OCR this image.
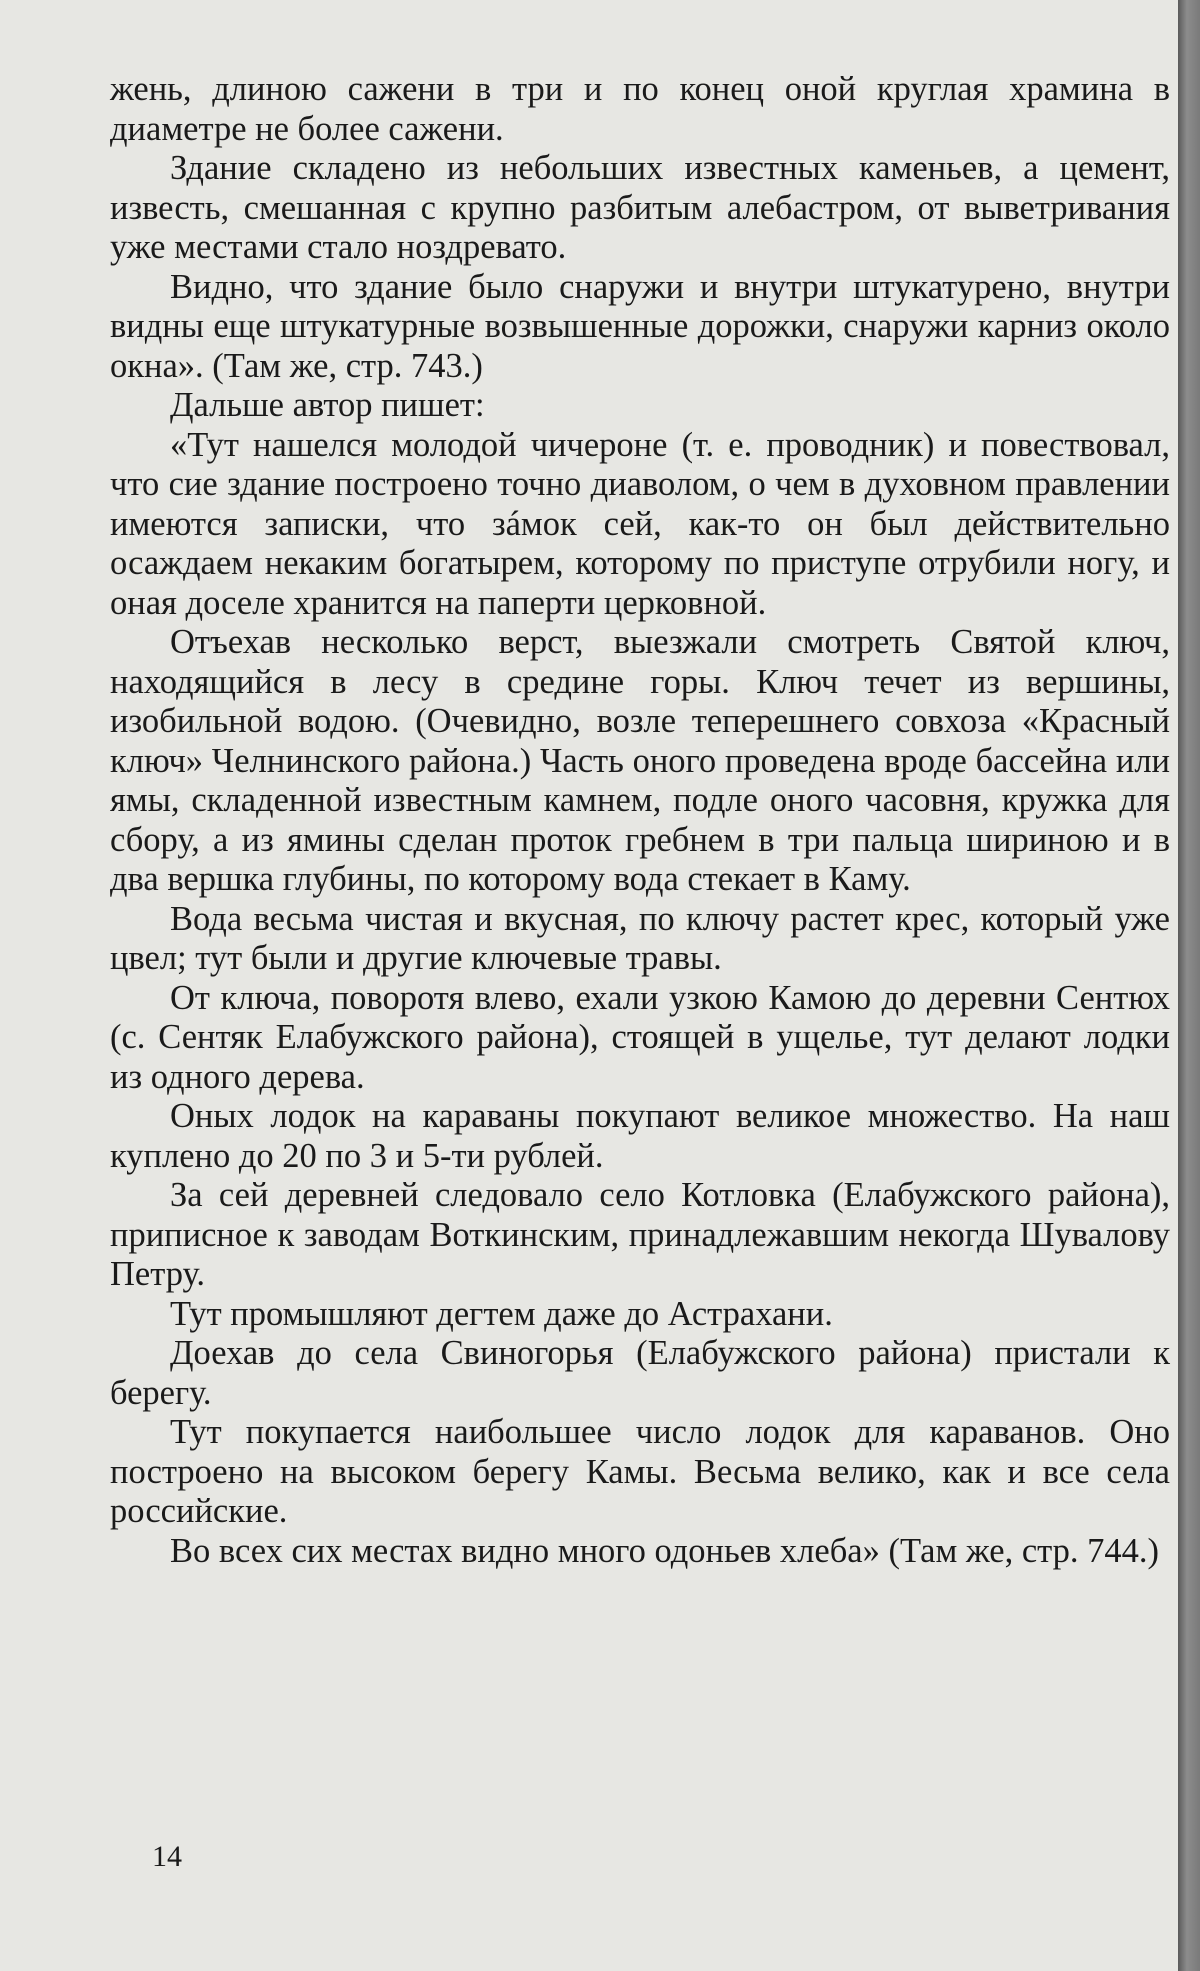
жень, длиною сажени в три и по конец оной круглая храмина в диаметре не более сажени.

Здание складено из небольших известных каменьев, а цемент, известь, смешанная с крупно разбитым алебастром, от выветривания уже местами стало ноздревато.

Видно, что здание было снаружи и внутри штукатурено, внутри видны еще штукатурные возвышенные дорожки, снаружи карниз около окна». (Там же, стр. 743.)

Дальше автор пишет:

«Тут нашелся молодой чичероне (т. е. проводник) и повествовал, что сие здание построено точно диаволом, о чем в духовном правлении имеются записки, что зáмок сей, как-то он был действительно осаждаем некаким богатырем, которому по приступе отрубили ногу, и оная доселе хранится на паперти церковной.

Отъехав несколько верст, выезжали смотреть Святой ключ, находящийся в лесу в средине горы. Ключ течет из вершины, изобильной водою. (Очевидно, возле теперешнего совхоза «Красный ключ» Челнинского района.) Часть оного проведена вроде бассейна или ямы, складенной известным камнем, подле оного часовня, кружка для сбору, а из ямины сделан проток гребнем в три пальца шириною и в два вершка глубины, по которому вода стекает в Каму.

Вода весьма чистая и вкусная, по ключу растет крес, который уже цвел; тут были и другие ключевые травы.

От ключа, поворотя влево, ехали узкою Камою до деревни Сентюх (с. Сентяк Елабужского района), стоящей в ущелье, тут делают лодки из одного дерева.

Оных лодок на караваны покупают великое множество. На наш куплено до 20 по 3 и 5-ти рублей.

За сей деревней следовало село Котловка (Елабужского района), приписное к заводам Воткинским, принадлежавшим некогда Шувалову Петру.

Тут промышляют дегтем даже до Астрахани.

Доехав до села Свиногорья (Елабужского района) пристали к берегу.

Тут покупается наибольшее число лодок для караванов. Оно построено на высоком берегу Камы. Весьма велико, как и все села российские.

Во всех сих местах видно много одоньев хлеба» (Там же, стр. 744.)

14
